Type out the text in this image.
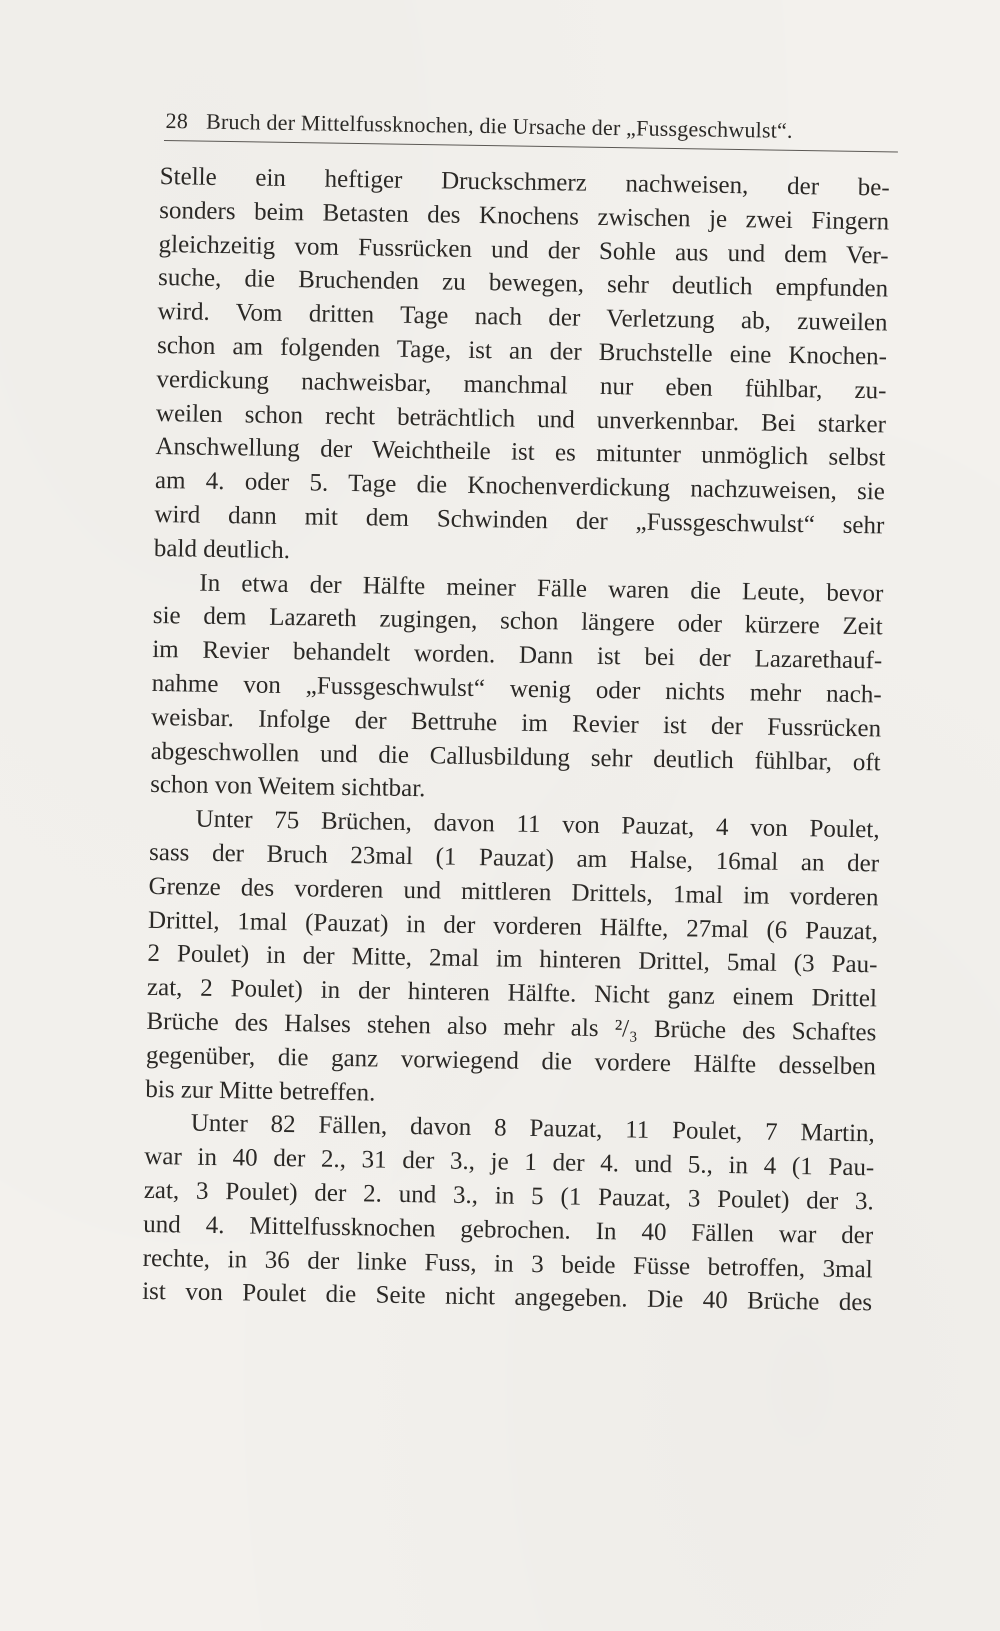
28 Bruch der Mittelfussknochen, die Ursache der „Fussgeschwulst“.
Stelle ein heftiger Druckschmerz nachweisen, der be-
sonders beim Betasten des Knochens zwischen je zwei Fingern
gleichzeitig vom Fussrücken und der Sohle aus und dem Ver-
suche, die Bruchenden zu bewegen, sehr deutlich empfunden
wird. Vom dritten Tage nach der Verletzung ab, zuweilen
schon am folgenden Tage, ist an der Bruchstelle eine Knochen-
verdickung nachweisbar, manchmal nur eben fühlbar, zu-
weilen schon recht beträchtlich und unverkennbar. Bei starker
Anschwellung der Weichtheile ist es mitunter unmöglich selbst
am 4. oder 5. Tage die Knochenverdickung nachzuweisen, sie
wird dann mit dem Schwinden der „Fussgeschwulst“ sehr
bald deutlich.
In etwa der Hälfte meiner Fälle waren die Leute, bevor
sie dem Lazareth zugingen, schon längere oder kürzere Zeit
im Revier behandelt worden. Dann ist bei der Lazarethauf-
nahme von „Fussgeschwulst“ wenig oder nichts mehr nach-
weisbar. Infolge der Bettruhe im Revier ist der Fussrücken
abgeschwollen und die Callusbildung sehr deutlich fühlbar, oft
schon von Weitem sichtbar.
Unter 75 Brüchen, davon 11 von Pauzat, 4 von Poulet,
sass der Bruch 23mal (1 Pauzat) am Halse, 16mal an der
Grenze des vorderen und mittleren Drittels, 1mal im vorderen
Drittel, 1mal (Pauzat) in der vorderen Hälfte, 27mal (6 Pauzat,
2 Poulet) in der Mitte, 2mal im hinteren Drittel, 5mal (3 Pau-
zat, 2 Poulet) in der hinteren Hälfte. Nicht ganz einem Drittel
Brüche des Halses stehen also mehr als ²/₃ Brüche des Schaftes
gegenüber, die ganz vorwiegend die vordere Hälfte desselben
bis zur Mitte betreffen.
Unter 82 Fällen, davon 8 Pauzat, 11 Poulet, 7 Martin,
war in 40 der 2., 31 der 3., je 1 der 4. und 5., in 4 (1 Pau-
zat, 3 Poulet) der 2. und 3., in 5 (1 Pauzat, 3 Poulet) der 3.
und 4. Mittelfussknochen gebrochen. In 40 Fällen war der
rechte, in 36 der linke Fuss, in 3 beide Füsse betroffen, 3mal
ist von Poulet die Seite nicht angegeben. Die 40 Brüche des
